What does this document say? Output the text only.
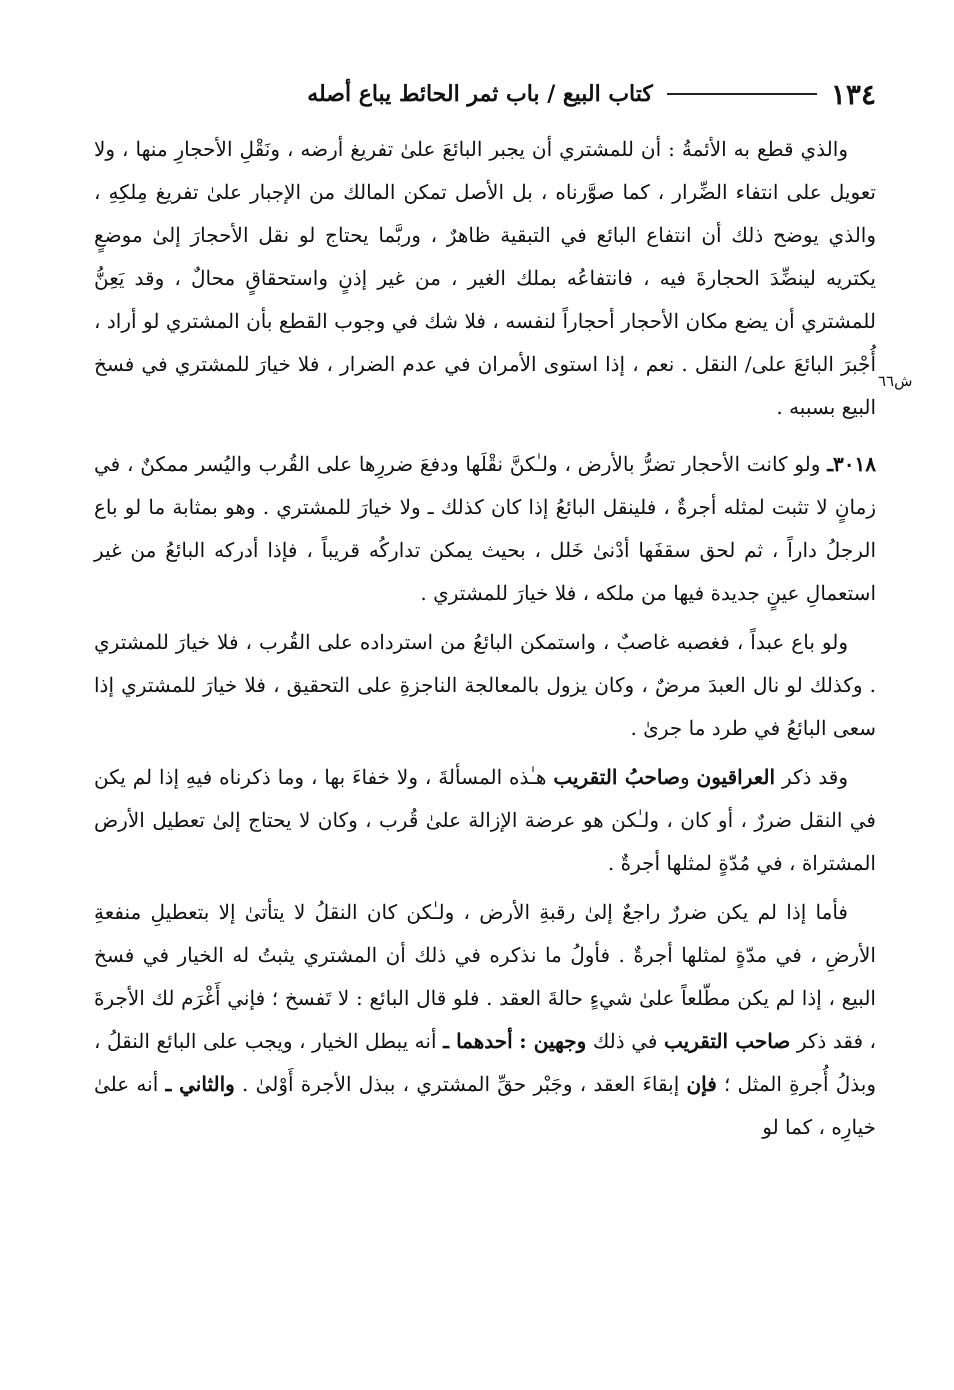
١٣٤
كتاب البيع / باب ثمر الحائط يباع أصله
ش٦٦

والذي قطع به الأئمةُ : أن للمشتري أن يجبر البائعَ علىٰ تفريغ أرضه ، ونَقْلِ الأحجارِ منها ، ولا تعويل على انتفاء الضِّرار ، كما صوَّرناه ، بل الأصل تمكن المالك من الإجبار علىٰ تفريغ مِلكِهِ ، والذي يوضح ذلك أن انتفاع البائع في التبقية ظاهرٌ ، وربَّما يحتاج لو نقل الأحجارَ إلىٰ موضعٍ يكتريه لينضِّدَ الحجارةَ فيه ، فانتفاعُه بملك الغير ، من غير إذنٍ واستحقاقٍ محالٌ ، وقد يَعِنُّ للمشتري أن يضع مكان الأحجار أحجاراً لنفسه ، فلا شك في وجوب القطع بأن المشتري لو أراد ، أُجْبرَ البائعَ على/ النقل . نعم ، إذا استوى الأمران في عدم الضرار ، فلا خيارَ للمشتري في فسخ البيع بسببه .

٣٠١٨ـ ولو كانت الأحجار تضرُّ بالأرض ، ولـٰكنَّ نقْلَها ودفعَ ضررِها على القُرب واليُسر ممكنٌ ، في زمانٍ لا تثبت لمثله أجرةٌ ، فلينقل البائعُ إذا كان كذلك ـ ولا خيارَ للمشتري . وهو بمثابة ما لو باع الرجلُ داراً ، ثم لحق سقفَها أدْنىٰ خَلل ، بحيث يمكن تداركُه قريباً ، فإذا أدركه البائعُ من غير استعمالِ عينٍ جديدة فيها من ملكه ، فلا خيارَ للمشتري .

ولو باع عبداً ، فغصبه غاصبٌ ، واستمكن البائعُ من استرداده على القُرب ، فلا خيارَ للمشتري . وكذلك لو نال العبدَ مرضٌ ، وكان يزول بالمعالجة الناجزةِ على التحقيق ، فلا خيارَ للمشتري إذا سعى البائعُ في طرد ما جرىٰ .

وقد ذكر العراقيون وصاحبُ التقريب هـٰذه المسألةَ ، ولا خفاءَ بها ، وما ذكرناه فيهِ إذا لم يكن في النقل ضررٌ ، أو كان ، ولـٰكن هو عرضة الإزالة علىٰ قُرب ، وكان لا يحتاج إلىٰ تعطيل الأرض المشتراة ، في مُدّةٍ لمثلها أجرةٌ .

فأما إذا لم يكن ضررٌ راجعٌ إلىٰ رقبةِ الأرض ، ولـٰكن كان النقلُ لا يتأتىٰ إلا بتعطيلِ منفعةِ الأرضِ ، في مدّةٍ لمثلها أجرةٌ . فأولُ ما نذكره في ذلك أن المشتري يثبتُ له الخيار في فسخ البيع ، إذا لم يكن مطّلعاً علىٰ شيءٍ حالةَ العقد . فلو قال البائع : لا تَفسخ ؛ فإني أَغْرَم لك الأجرةَ ، فقد ذكر صاحب التقريب في ذلك وجهين : أحدهما ـ أنه يبطل الخيار ، ويجب على البائع النقلُ ، وبذلُ أُجرةِ المثل ؛ فإن إبقاءَ العقد ، وجَبْر حقِّ المشتري ، ببذل الأجرة أَوْلىٰ . والثاني ـ أنه علىٰ خيارِه ، كما لو
